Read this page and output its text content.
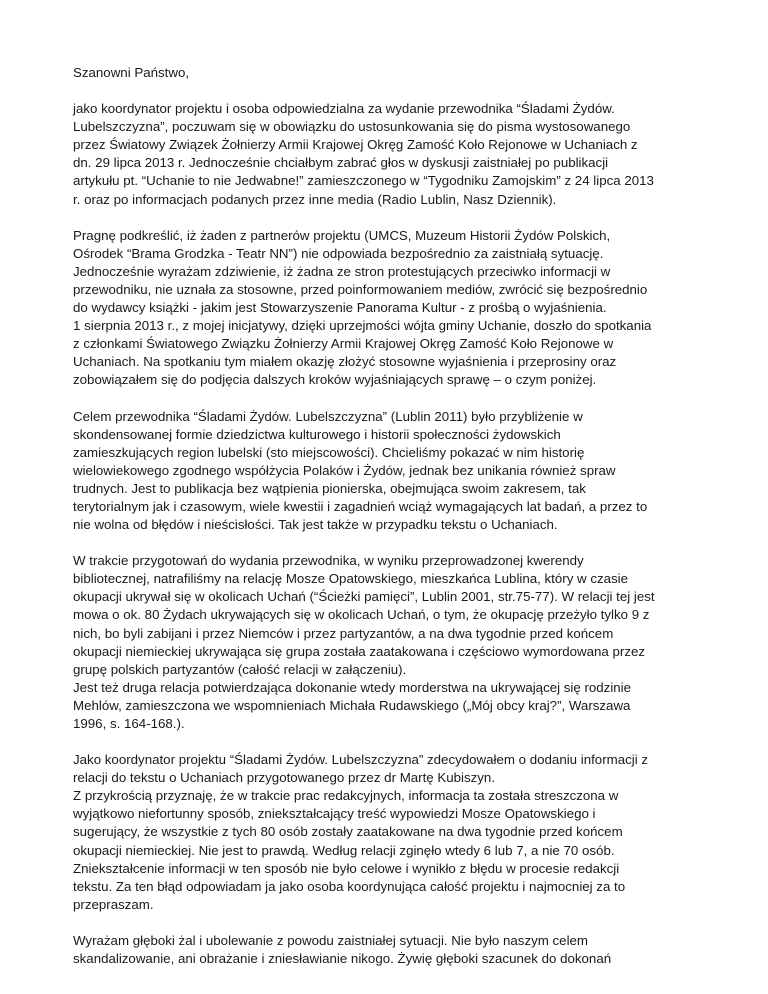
Szanowni Państwo,

jako koordynator projektu i osoba odpowiedzialna za wydanie przewodnika “Śladami Żydów.
Lubelszczyzna”, poczuwam się w obowiązku do ustosunkowania się do pisma wystosowanego
przez Światowy Związek Żołnierzy Armii Krajowej Okręg Zamość Koło Rejonowe w Uchaniach z
dn. 29 lipca 2013 r. Jednocześnie chciałbym zabrać głos w dyskusji zaistniałej po publikacji
artykułu pt. “Uchanie to nie Jedwabne!” zamieszczonego w “Tygodniku Zamojskim” z 24 lipca 2013
r. oraz po informacjach podanych przez inne media (Radio Lublin, Nasz Dziennik).

Pragnę podkreślić, iż żaden z partnerów projektu (UMCS, Muzeum Historii Żydów Polskich,
Ośrodek “Brama Grodzka - Teatr NN”) nie odpowiada bezpośrednio za zaistniałą sytuację.
Jednocześnie wyrażam zdziwienie, iż żadna ze stron protestujących przeciwko informacji w
przewodniku, nie uznała za stosowne, przed poinformowaniem mediów, zwrócić się bezpośrednio
do wydawcy książki - jakim jest Stowarzyszenie Panorama Kultur - z prośbą o wyjaśnienia.
1 sierpnia 2013 r., z mojej inicjatywy, dzięki uprzejmości wójta gminy Uchanie, doszło do spotkania
z członkami Światowego Związku Żołnierzy Armii Krajowej Okręg Zamość Koło Rejonowe w
Uchaniach. Na spotkaniu tym miałem okazję złożyć stosowne wyjaśnienia i przeprosiny oraz
zobowiązałem się do podjęcia dalszych kroków wyjaśniających sprawę – o czym poniżej.

Celem przewodnika “Śladami Żydów. Lubelszczyzna” (Lublin 2011) było przybliżenie w
skondensowanej formie dziedzictwa kulturowego i historii społeczności żydowskich
zamieszkujących region lubelski (sto miejscowości). Chcieliśmy pokazać w nim historię
wielowiekowego zgodnego współżycia Polaków i Żydów, jednak bez unikania również spraw
trudnych. Jest to publikacja bez wątpienia pionierska, obejmująca swoim zakresem, tak
terytorialnym jak i czasowym, wiele kwestii i zagadnień wciąż wymagających lat badań, a przez to
nie wolna od błędów i nieścisłości. Tak jest także w przypadku tekstu o Uchaniach.

W trakcie przygotowań do wydania przewodnika, w wyniku przeprowadzonej kwerendy
bibliotecznej, natrafiliśmy na relację Mosze Opatowskiego, mieszkańca Lublina, który w czasie
okupacji ukrywał się w okolicach Uchań (“Ścieżki pamięci”, Lublin 2001, str.75-77). W relacji tej jest
mowa o ok. 80 Żydach ukrywających się w okolicach Uchań, o tym, że okupację przeżyło tylko 9 z
nich, bo byli zabijani i przez Niemców i przez partyzantów, a na dwa tygodnie przed końcem
okupacji niemieckiej ukrywająca się grupa została zaatakowana i częściowo wymordowana przez
grupę polskich partyzantów (całość relacji w załączeniu).
Jest też druga relacja potwierdzająca dokonanie wtedy morderstwa na ukrywającej się rodzinie
Mehlów, zamieszczona we wspomnieniach Michała Rudawskiego („Mój obcy kraj?”, Warszawa
1996, s. 164-168.).

Jako koordynator projektu “Śladami Żydów. Lubelszczyzna” zdecydowałem o dodaniu informacji z
relacji do tekstu o Uchaniach przygotowanego przez dr Martę Kubiszyn.
Z przykrością przyznaję, że w trakcie prac redakcyjnych, informacja ta została streszczona w
wyjątkowo niefortunny sposób, zniekształcający treść wypowiedzi Mosze Opatowskiego i
sugerujący, że wszystkie z tych 80 osób zostały zaatakowane na dwa tygodnie przed końcem
okupacji niemieckiej. Nie jest to prawdą. Według relacji zginęło wtedy 6 lub 7, a nie 70 osób.
Zniekształcenie informacji w ten sposób nie było celowe i wynikło z błędu w procesie redakcji
tekstu. Za ten błąd odpowiadam ja jako osoba koordynująca całość projektu i najmocniej za to
przepraszam.

Wyrażam głęboki żal i ubolewanie z powodu zaistniałej sytuacji. Nie było naszym celem
skandalizowanie, ani obrażanie i zniesławianie nikogo. Żywię głęboki szacunek do dokonań
